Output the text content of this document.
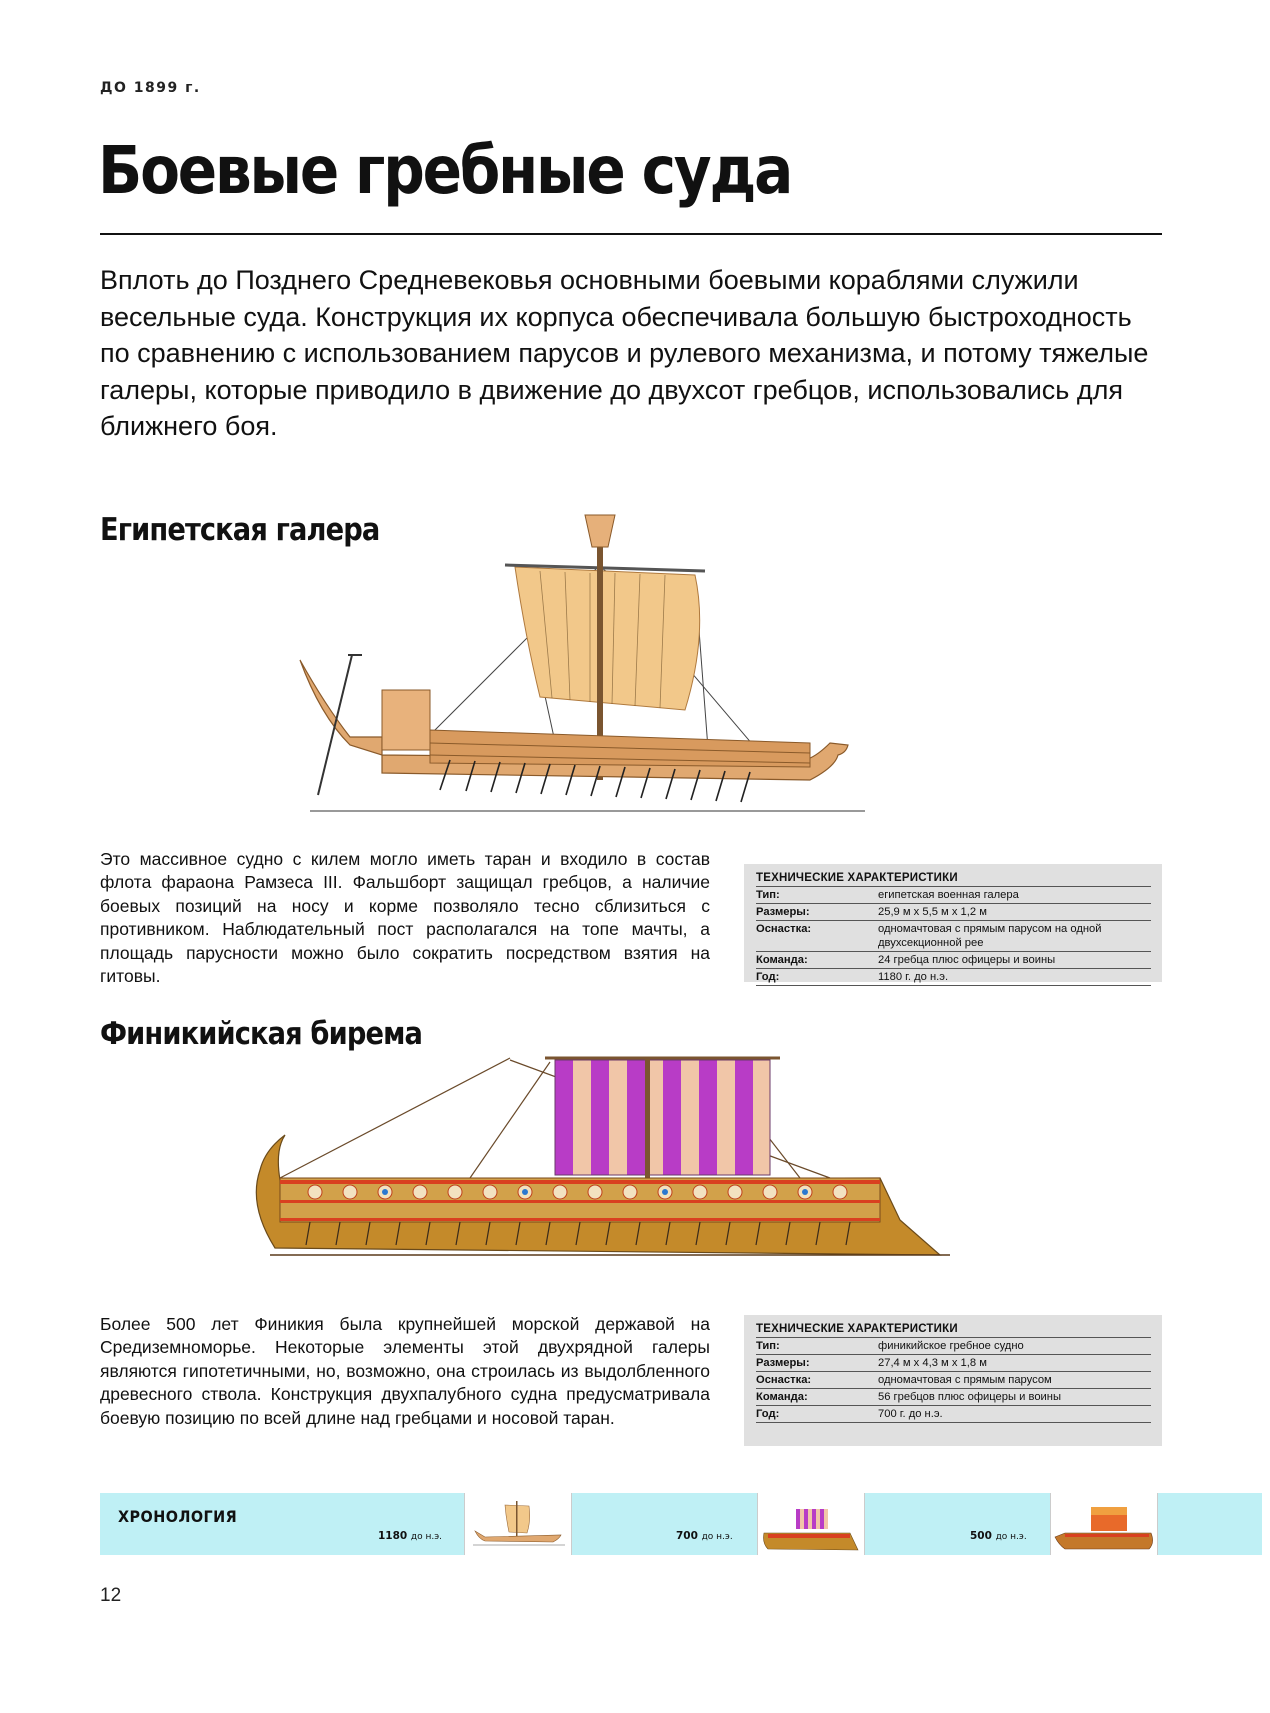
ДО 1899 г.
Боевые гребные суда
Вплоть до Позднего Средневековья основными боевыми кораблями служили весельные суда. Конструкция их корпуса обеспечивала большую быстроходность по сравнению с использованием парусов и рулевого механизма, и потому тяжелые галеры, которые приводило в движение до двухсот гребцов, использовались для ближнего боя.
Египетская галера
Это массивное судно с килем могло иметь таран и входило в состав флота фараона Рамзеса III. Фальшборт защищал гребцов, а наличие боевых позиций на носу и корме позволяло тесно сблизиться с противником. Наблюдательный пост располагался на топе мачты, а площадь парусности можно было сократить посредством взятия на гитовы.
ТЕХНИЧЕСКИЕ ХАРАКТЕРИСТИКИ
Тип:	египетская военная галера
Размеры:	25,9 м x 5,5 м x 1,2 м
Оснастка:	одномачтовая с прямым парусом на одной двухсекционной рее
Команда:	24 гребца плюс офицеры и воины
Год:	1180 г. до н.э.
Финикийская бирема
Более 500 лет Финикия была крупнейшей морской державой на Средиземноморье. Некоторые элементы этой двухрядной галеры являются гипотетичными, но, возможно, она строилась из выдолбленного древесного ствола. Конструкция двухпалубного судна предусматривала боевую позицию по всей длине над гребцами и носовой таран.
ТЕХНИЧЕСКИЕ ХАРАКТЕРИСТИКИ
Тип:	финикийское гребное судно
Размеры:	27,4 м x 4,3 м x 1,8 м
Оснастка:	одномачтовая с прямым парусом
Команда:	56 гребцов плюс офицеры и воины
Год:	700 г. до н.э.
ХРОНОЛОГИЯ
1180 до н.э.	700 до н.э.	500 до н.э.
12
